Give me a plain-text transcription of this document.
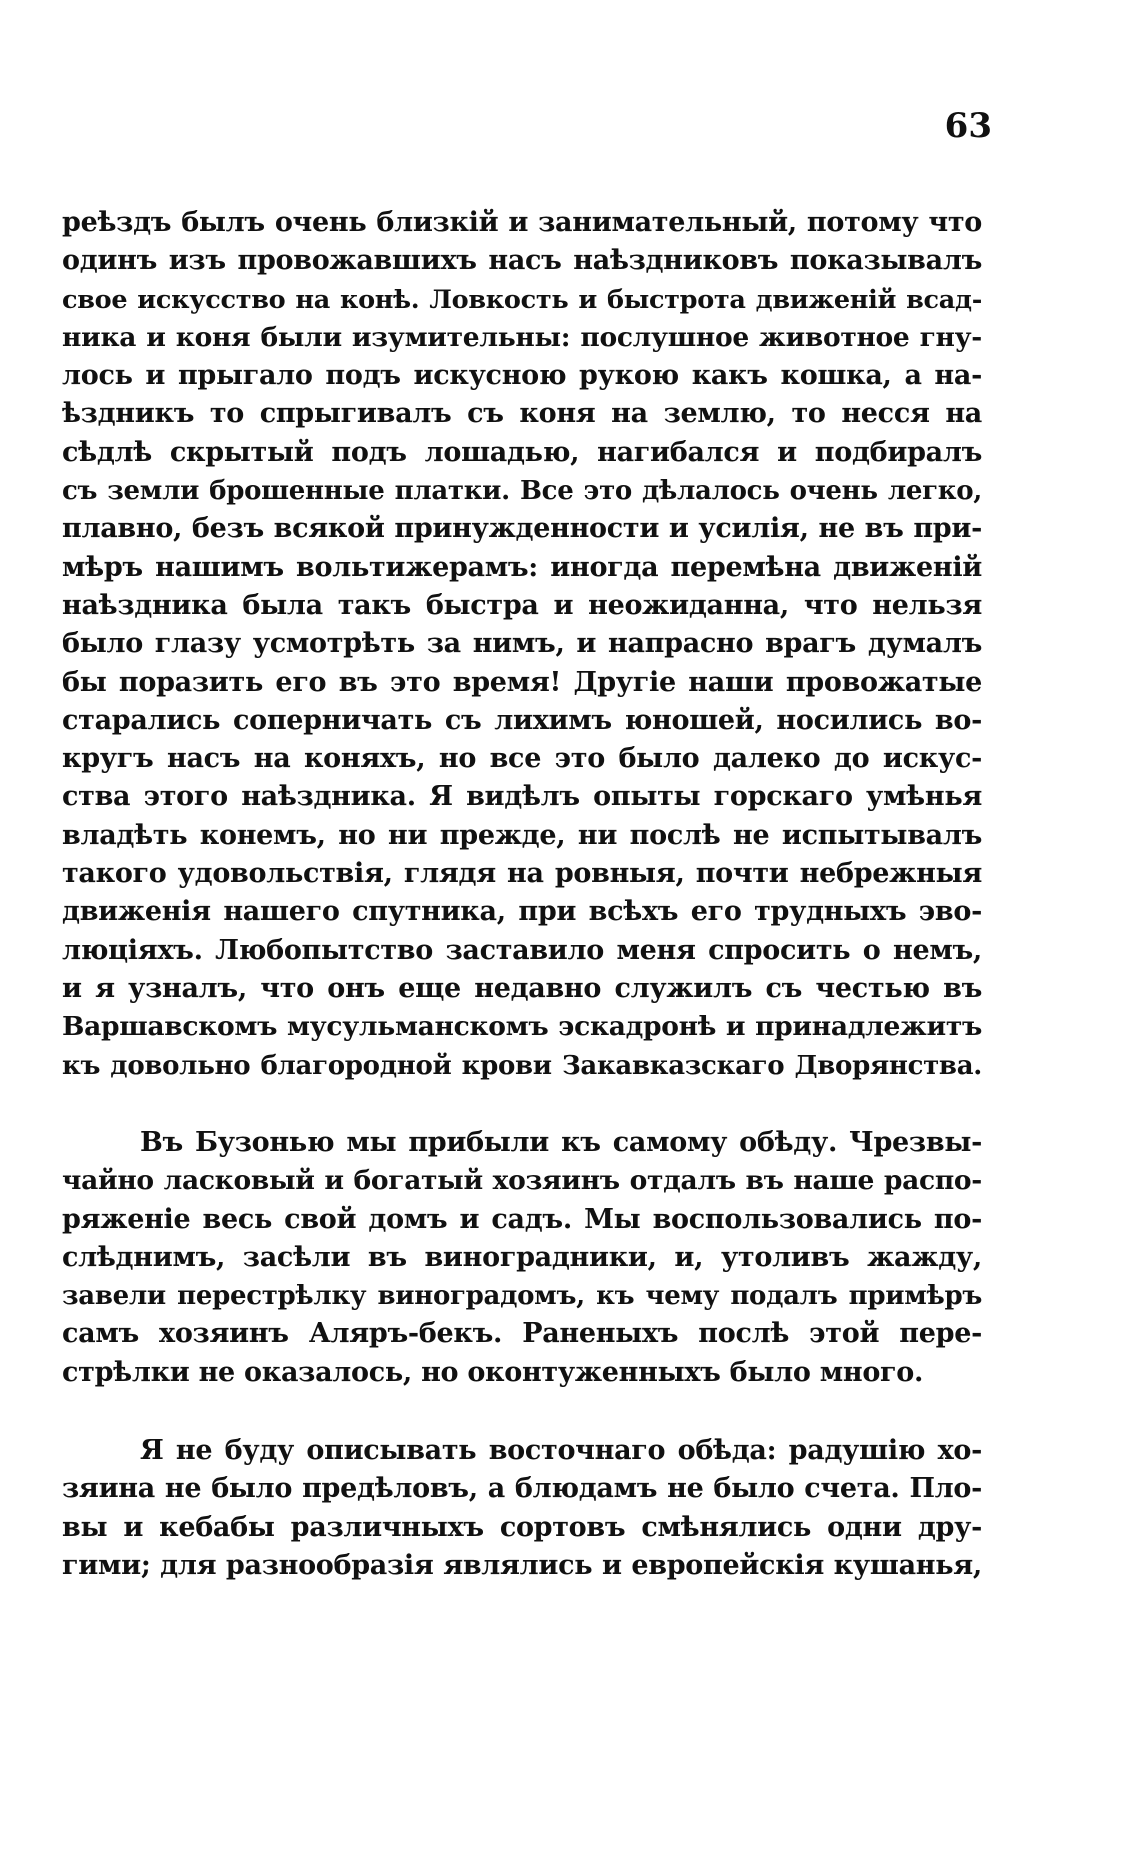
63
реѣздъ былъ очень близкій и занимательный, потому что
одинъ изъ провожавшихъ насъ наѣздниковъ показывалъ
свое искусство на конѣ. Ловкость и быстрота движеній всад-
ника и коня были изумительны: послушное животное гну-
лось и прыгало подъ искусною рукою какъ кошка, а на-
ѣздникъ то спрыгивалъ съ коня на землю, то несся на
сѣдлѣ скрытый подъ лошадью, нагибался и подбиралъ
съ земли брошенные платки. Все это дѣлалось очень легко,
плавно, безъ всякой принужденности и усилія, не въ при-
мѣръ нашимъ вольтижерамъ: иногда перемѣна движеній
наѣздника была такъ быстра и неожиданна, что нельзя
было глазу усмотрѣть за нимъ, и напрасно врагъ думалъ
бы поразить его въ это время! Другіе наши провожатые
старались соперничать съ лихимъ юношей, носились во-
кругъ насъ на коняхъ, но все это было далеко до искус-
ства этого наѣздника. Я видѣлъ опыты горскаго умѣнья
владѣть конемъ, но ни прежде, ни послѣ не испытывалъ
такого удовольствія, глядя на ровныя, почти небрежныя
движенія нашего спутника, при всѣхъ его трудныхъ эво-
люціяхъ. Любопытство заставило меня спросить о немъ,
и я узналъ, что онъ еще недавно служилъ съ честью въ
Варшавскомъ мусульманскомъ эскадронѣ и принадлежитъ
къ довольно благородной крови Закавказскаго Дворянства.
Въ Бузонью мы прибыли къ самому обѣду. Чрезвы-
чайно ласковый и богатый хозяинъ отдалъ въ наше распо-
ряженіе весь свой домъ и садъ. Мы воспользовались по-
слѣднимъ, засѣли въ виноградники, и, утоливъ жажду,
завели перестрѣлку виноградомъ, къ чему подалъ примѣръ
самъ хозяинъ Аляръ-бекъ. Раненыхъ послѣ этой пере-
стрѣлки не оказалось, но оконтуженныхъ было много.
Я не буду описывать восточнаго обѣда: радушію хо-
зяина не было предѣловъ, а блюдамъ не было счета. Пло-
вы и кебабы различныхъ сортовъ смѣнялись одни дру-
гими; для разнообразія являлись и европейскія кушанья,
